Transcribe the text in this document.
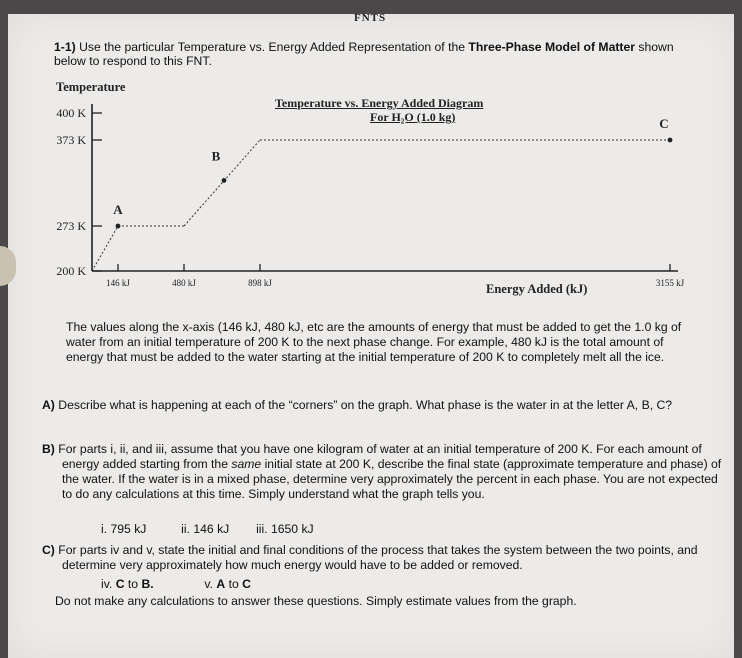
FNTS
1-1) Use the particular Temperature vs. Energy Added Representation of the Three-Phase Model of Matter shown below to respond to this FNT.
Temperature
Temperature vs. Energy Added Diagram
For H₂O (1.0 kg)
Energy Added (kJ)
400 K
373 K
273 K
200 K
146 kJ	480 kJ	898 kJ	3155 kJ
A
B
C
The values along the x-axis (146 kJ, 480 kJ, etc are the amounts of energy that must be added to get the 1.0 kg of water from an initial temperature of 200 K to the next phase change. For example, 480 kJ is the total amount of energy that must be added to the water starting at the initial temperature of 200 K to completely melt all the ice.
A) Describe what is happening at each of the “corners” on the graph. What phase is the water in at the letter A, B, C?
B) For parts i, ii, and iii, assume that you have one kilogram of water at an initial temperature of 200 K. For each amount of energy added starting from the same initial state at 200 K, describe the final state (approximate temperature and phase) of the water. If the water is in a mixed phase, determine very approximately the percent in each phase. You are not expected to do any calculations at this time. Simply understand what the graph tells you.
i. 795 kJ	ii. 146 kJ iii. 1650 kJ
C) For parts iv and v, state the initial and final conditions of the process that takes the system between the two points, and determine very approximately how much energy would have to be added or removed.
iv. C to B.	v. A to C
Do not make any calculations to answer these questions. Simply estimate values from the graph.
